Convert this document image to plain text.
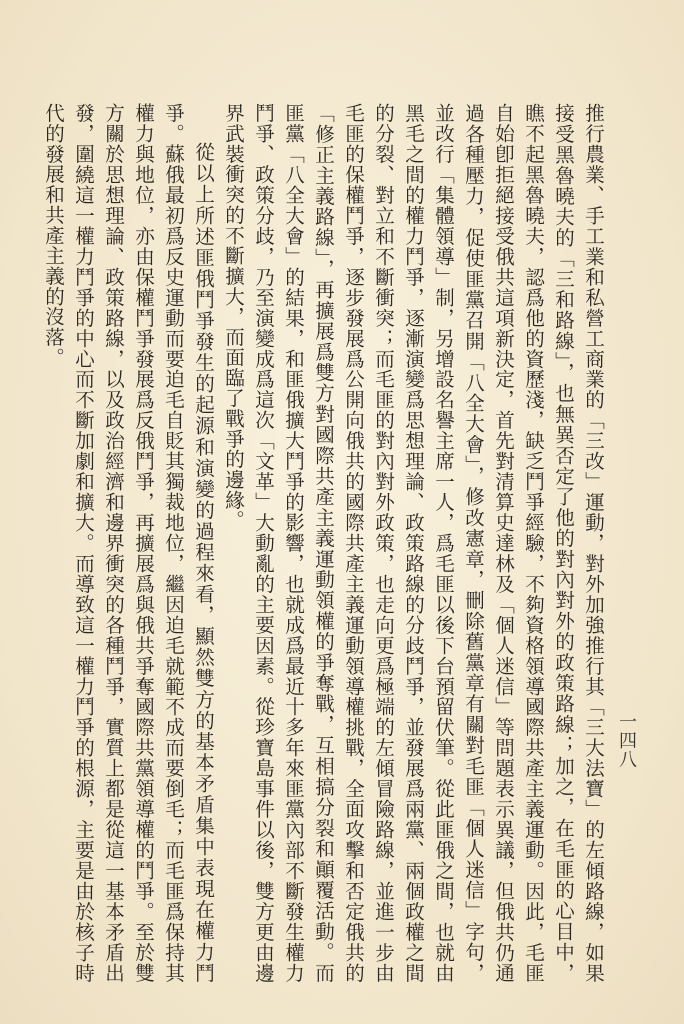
一四八

推行農業、手工業和私營工商業的「三改」運動，對外加強推行其「三大法寶」的左傾路線，如果接受黑魯曉夫的「三和路線」，也無異否定了他的對內對外的政策路線；加之，在毛匪的心目中，瞧不起黑魯曉夫，認爲他的資歷淺，缺乏鬥爭經驗，不夠資格領導國際共產主義運動。因此，毛匪自始卽拒絕接受俄共這項新決定，首先對清算史達林及「個人迷信」等問題表示異議，但俄共仍通過各種壓力，促使匪黨召開「八全大會」，修改憲章，刪除舊黨章有關對毛匪「個人迷信」字句，並改行「集體領導」制，另增設名譽主席一人，爲毛匪以後下台預留伏筆。從此匪俄之間，也就由黑毛之間的權力鬥爭，逐漸演變爲思想理論、政策路線的分歧鬥爭，並發展爲兩黨、兩個政權之間的分裂、對立和不斷衝突；而毛匪的對內對外政策，也走向更爲極端的左傾冒險路線，並進一步由毛匪的保權鬥爭，逐步發展爲公開向俄共的國際共產主義運動領導權挑戰，全面攻擊和否定俄共的「修正主義路線」，再擴展爲雙方對國際共產主義運動領權的爭奪戰，互相搞分裂和顚覆活動。而匪黨「八全大會」的結果，和匪俄擴大鬥爭的影響，也就成爲最近十多年來匪黨內部不斷發生權力鬥爭、政策分歧，乃至演變成爲這次「文革」大動亂的主要因素。從珍寶島事件以後，雙方更由邊界武裝衝突的不斷擴大，而面臨了戰爭的邊緣。

從以上所述匪俄鬥爭發生的起源和演變的過程來看，顯然雙方的基本矛盾集中表現在權力鬥爭。蘇俄最初爲反史運動而要迫毛自貶其獨裁地位，繼因迫毛就範不成而要倒毛；而毛匪爲保持其權力與地位，亦由保權鬥爭發展爲反俄鬥爭，再擴展爲與俄共爭奪國際共黨領導權的鬥爭。至於雙方關於思想理論、政策路線，以及政治經濟和邊界衝突的各種鬥爭，實質上都是從這一基本矛盾出發，圍繞這一權力鬥爭的中心而不斷加劇和擴大。而導致這一權力鬥爭的根源，主要是由於核子時代的發展和共產主義的沒落。
